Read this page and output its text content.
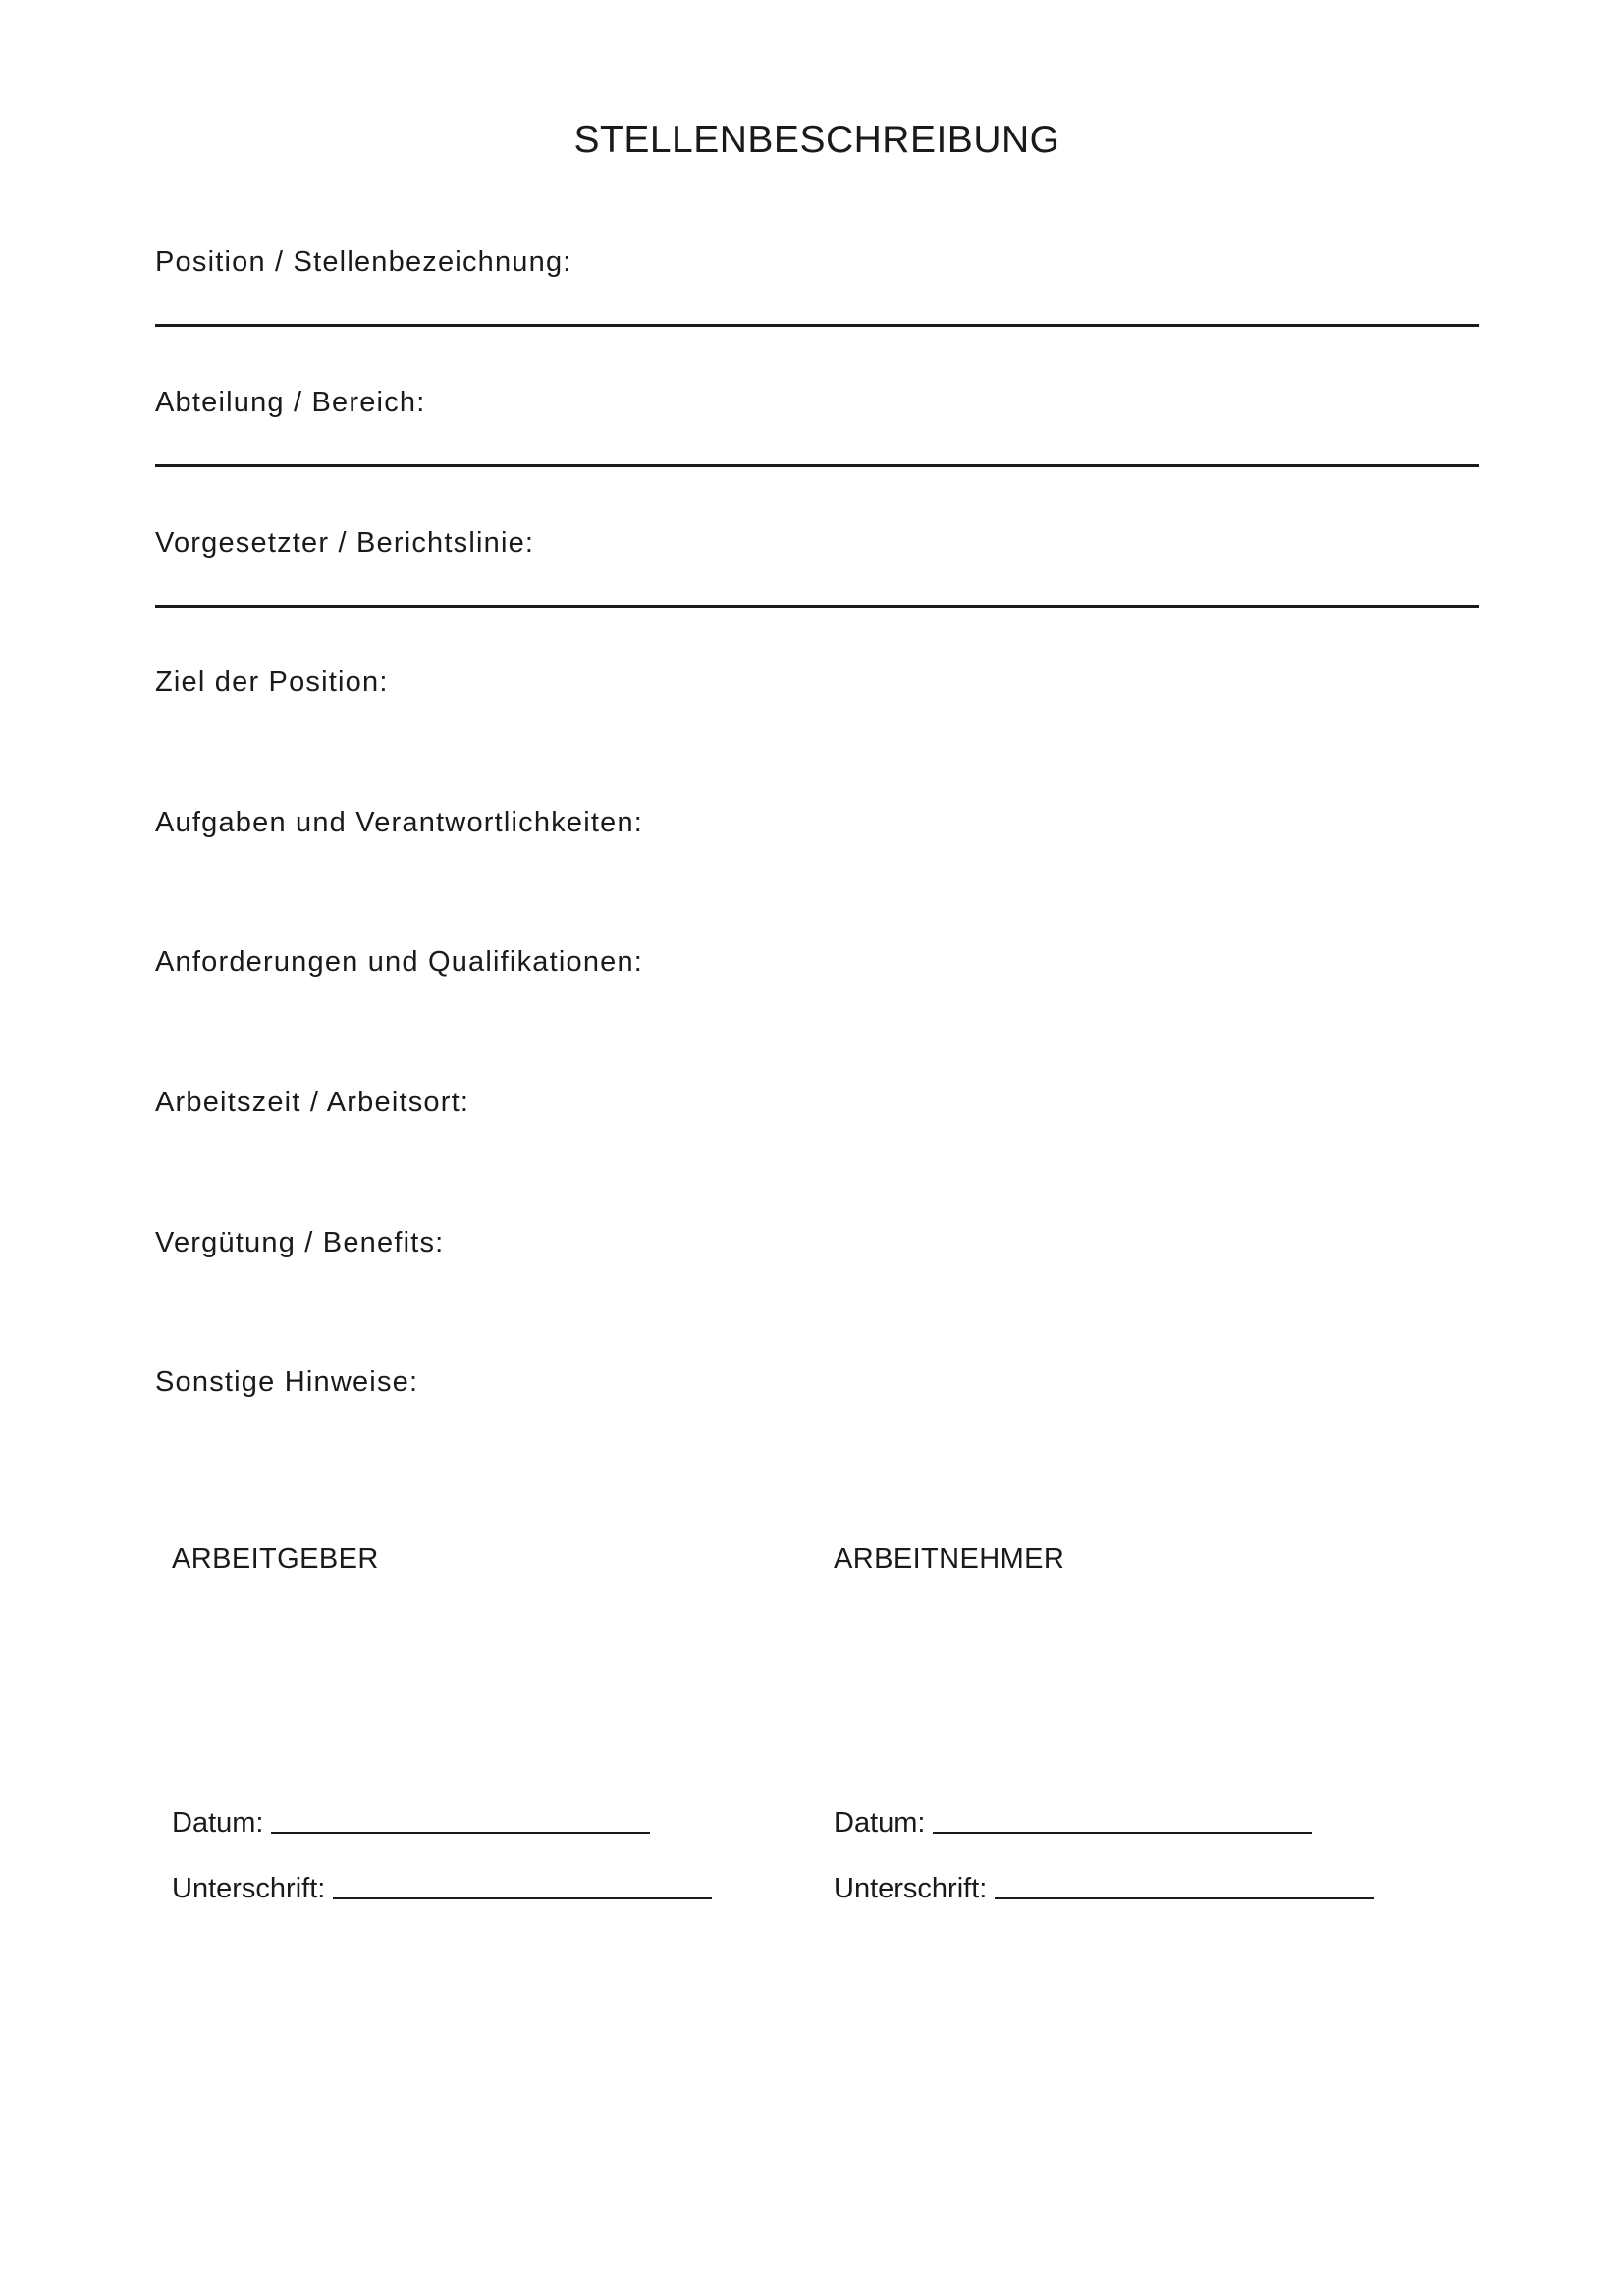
STELLENBESCHREIBUNG
Position / Stellenbezeichnung:
Abteilung / Bereich:
Vorgesetzter / Berichtslinie:
Ziel der Position:
Aufgaben und Verantwortlichkeiten:
Anforderungen und Qualifikationen:
Arbeitszeit / Arbeitsort:
Vergütung / Benefits:
Sonstige Hinweise:
ARBEITGEBER
Datum:
Unterschrift:
ARBEITNEHMER
Datum:
Unterschrift:
